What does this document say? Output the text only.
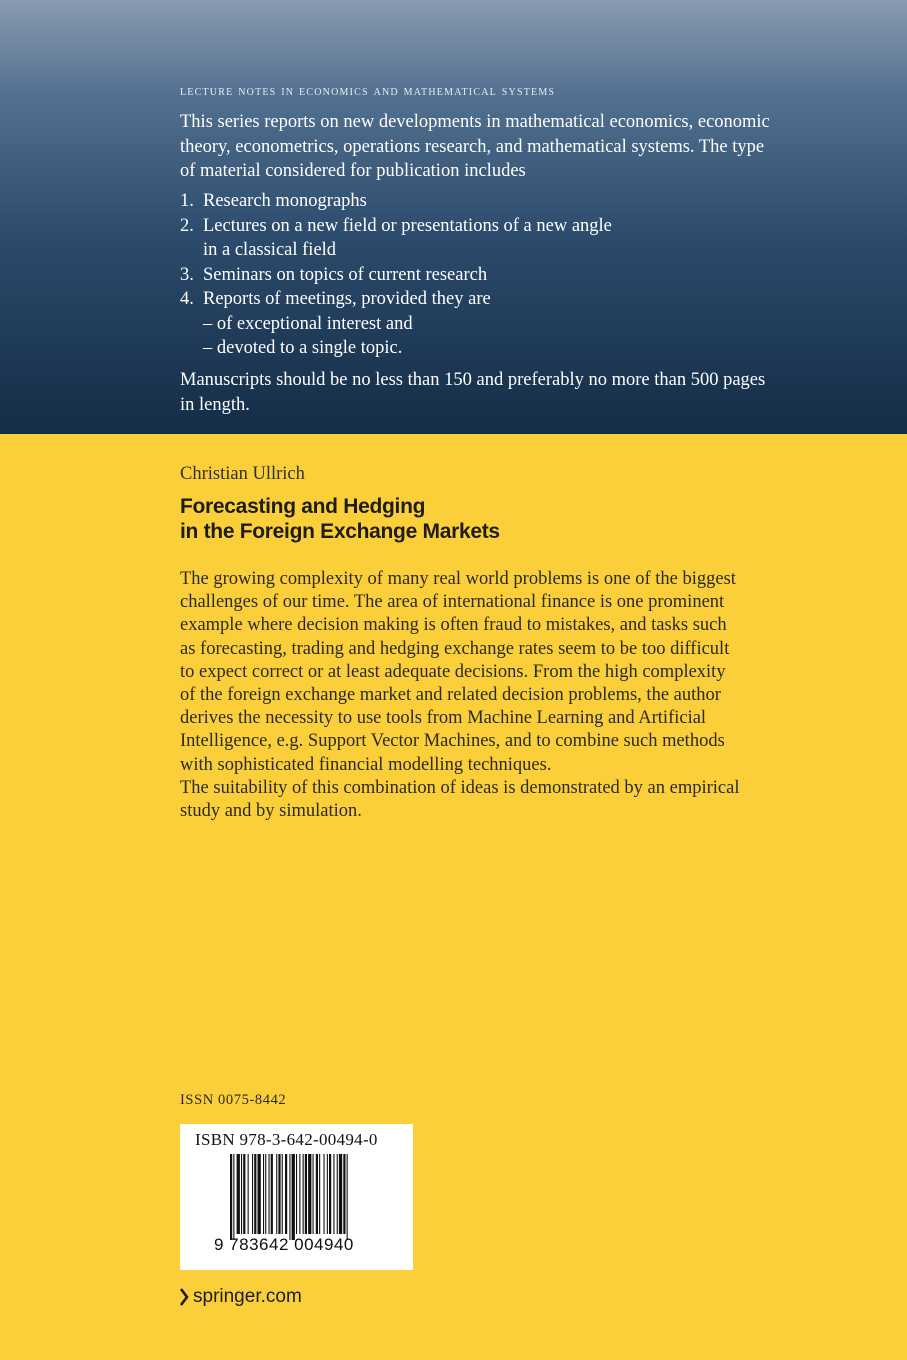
lecture notes in economics and mathematical systems
This series reports on new developments in mathematical economics, economic theory, econometrics, operations research, and mathematical systems. The type of material considered for publication includes
1. Research monographs
2. Lectures on a new field or presentations of a new angle
in a classical field
3. Seminars on topics of current research
4. Reports of meetings, provided they are
– of exceptional interest and
– devoted to a single topic.
Manuscripts should be no less than 150 and preferably no more than 500 pages in length.
Christian Ullrich
Forecasting and Hedging
in the Foreign Exchange Markets
The growing complexity of many real world problems is one of the biggest challenges of our time. The area of international finance is one prominent example where decision making is often fraud to mistakes, and tasks such as forecasting, trading and hedging exchange rates seem to be too difficult to expect correct or at least adequate decisions. From the high complexity of the foreign exchange market and related decision problems, the author derives the necessity to use tools from Machine Learning and Artificial Intelligence, e.g. Support Vector Machines, and to combine such methods with sophisticated financial modelling techniques.
The suitability of this combination of ideas is demonstrated by an empirical study and by simulation.
ISSN 0075-8442
ISBN 978-3-642-00494-0
9 783642 004940
springer.com
